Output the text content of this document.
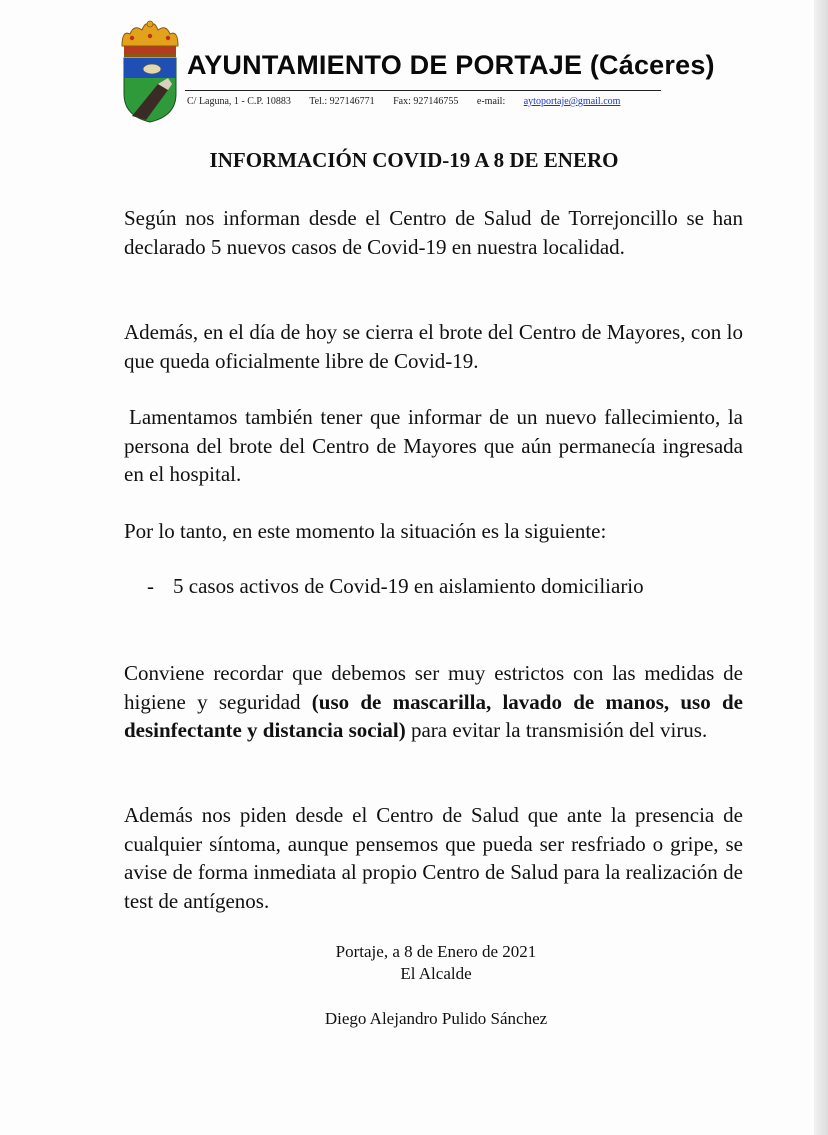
AYUNTAMIENTO DE PORTAJE (Cáceres)
C/ Laguna, 1 - C.P. 10883 Tel.: 927146771 Fax: 927146755 e-mail: aytoportaje@gmail.com
INFORMACIÓN COVID-19 A 8 DE ENERO

Según nos informan desde el Centro de Salud de Torrejoncillo se han declarado 5 nuevos casos de Covid-19 en nuestra localidad.

Además, en el día de hoy se cierra el brote del Centro de Mayores, con lo que queda oficialmente libre de Covid-19.

Lamentamos también tener que informar de un nuevo fallecimiento, la persona del brote del Centro de Mayores que aún permanecía ingresada en el hospital.

Por lo tanto, en este momento la situación es la siguiente:

- 5 casos activos de Covid-19 en aislamiento domiciliario

Conviene recordar que debemos ser muy estrictos con las medidas de higiene y seguridad (uso de mascarilla, lavado de manos, uso de desinfectante y distancia social) para evitar la transmisión del virus.

Además nos piden desde el Centro de Salud que ante la presencia de cualquier síntoma, aunque pensemos que pueda ser resfriado o gripe, se avise de forma inmediata al propio Centro de Salud para la realización de test de antígenos.

Portaje, a 8 de Enero de 2021
El Alcalde
Diego Alejandro Pulido Sánchez
